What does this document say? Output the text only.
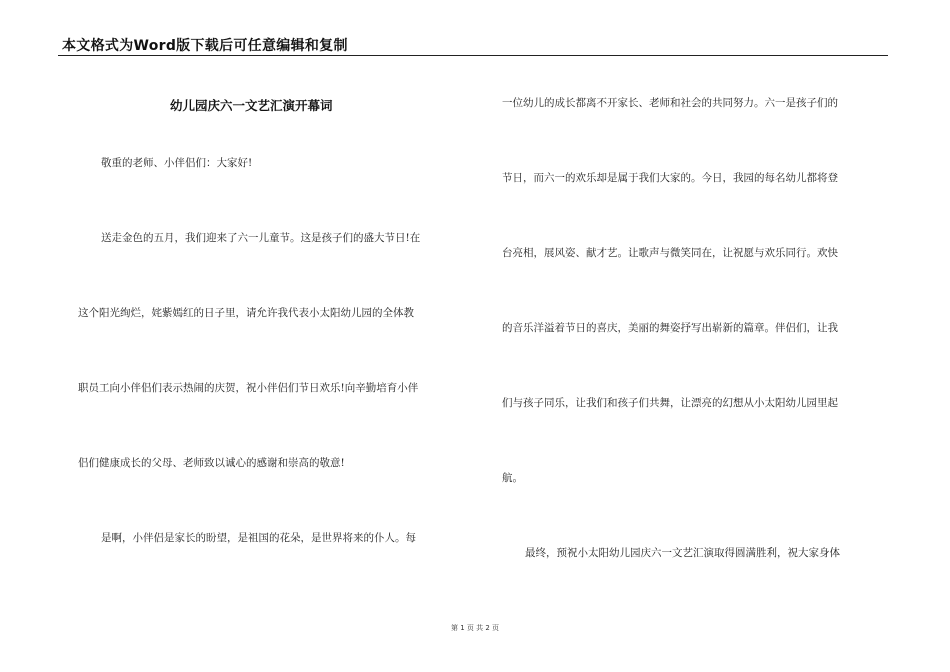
本文格式为Word版下载后可任意编辑和复制
幼儿园庆六一文艺汇演开幕词
敬重的老师、小伴侣们：大家好!
送走金色的五月，我们迎来了六一儿童节。这是孩子们的盛大节日!在
这个阳光绚烂，姹紫嫣红的日子里，请允许我代表小太阳幼儿园的全体教
职员工向小伴侣们表示热闹的庆贺，祝小伴侣们节日欢乐!向辛勤培育小伴
侣们健康成长的父母、老师致以诚心的感谢和崇高的敬意!
是啊，小伴侣是家长的盼望，是祖国的花朵，是世界将来的仆人。每
一位幼儿的成长都离不开家长、老师和社会的共同努力。六一是孩子们的
节日，而六一的欢乐却是属于我们大家的。今日，我园的每名幼儿都将登
台亮相，展风姿、献才艺。让歌声与微笑同在，让祝愿与欢乐同行。欢快
的音乐洋溢着节日的喜庆，美丽的舞姿抒写出崭新的篇章。伴侣们，让我
们与孩子同乐，让我们和孩子们共舞，让漂亮的幻想从小太阳幼儿园里起
航。
最终，预祝小太阳幼儿园庆六一文艺汇演取得圆满胜利，祝大家身体
第 1 页 共 2 页
